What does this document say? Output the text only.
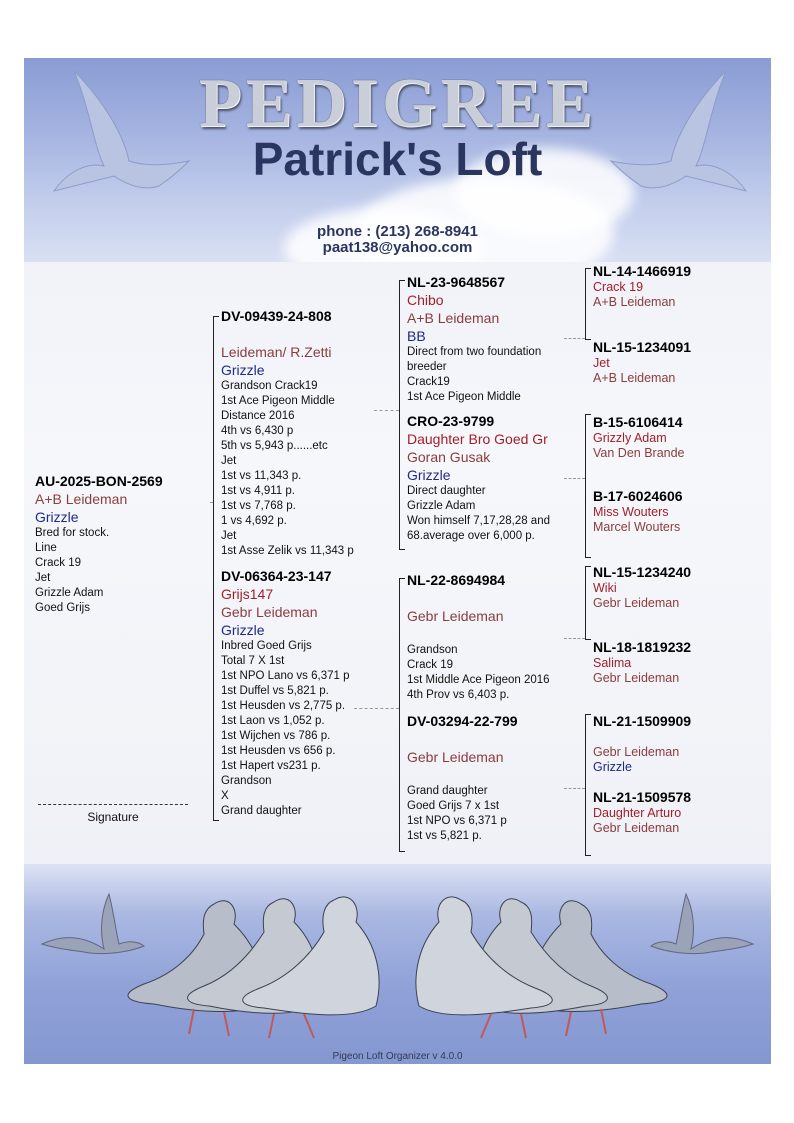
PEDIGREE
Patrick's Loft
phone : (213) 268-8941
paat138@yahoo.com
AU-2025-BON-2569
A+B Leideman
Grizzle
Bred for stock.
Line
Crack 19
Jet
Grizzle Adam
Goed Grijs
DV-09439-24-808
Leideman/ R.Zetti
Grizzle
Grandson Crack19
1st Ace Pigeon Middle
Distance 2016
4th vs 6,430 p
5th vs 5,943 p......etc
Jet
1st vs 11,343 p.
1st vs 4,911 p.
1st vs 7,768 p.
1 vs 4,692 p.
Jet
1st Asse Zelik vs 11,343 p
DV-06364-23-147
Grijs147
Gebr Leideman
Grizzle
Inbred Goed Grijs
Total 7 X 1st
1st NPO Lano vs 6,371 p
1st Duffel vs 5,821 p.
1st Heusden vs 2,775 p.
1st Laon vs 1,052 p.
1st Wijchen vs 786 p.
1st Heusden vs 656 p.
1st Hapert vs231 p.
Grandson
X
Grand daughter
NL-23-9648567
Chibo
A+B Leideman
BB
Direct from two foundation
breeder
Crack19
1st Ace Pigeon Middle
CRO-23-9799
Daughter Bro Goed Gr
Goran Gusak
Grizzle
Direct daughter
Grizzle Adam
Won himself 7,17,28,28 and
68.average over 6,000 p.
NL-22-8694984
Gebr Leideman
Grandson
Crack 19
1st Middle Ace Pigeon 2016
4th Prov vs 6,403 p.
DV-03294-22-799
Gebr Leideman
Grand daughter
Goed Grijs 7 x 1st
1st NPO vs 6,371 p
1st vs 5,821 p.
NL-14-1466919
Crack 19
A+B Leideman
NL-15-1234091
Jet
A+B Leideman
B-15-6106414
Grizzly Adam
Van Den Brande
B-17-6024606
Miss Wouters
Marcel Wouters
NL-15-1234240
Wiki
Gebr Leideman
NL-18-1819232
Salima
Gebr Leideman
NL-21-1509909
Gebr Leideman
Grizzle
NL-21-1509578
Daughter Arturo
Gebr Leideman
Signature
Pigeon Loft Organizer v 4.0.0
